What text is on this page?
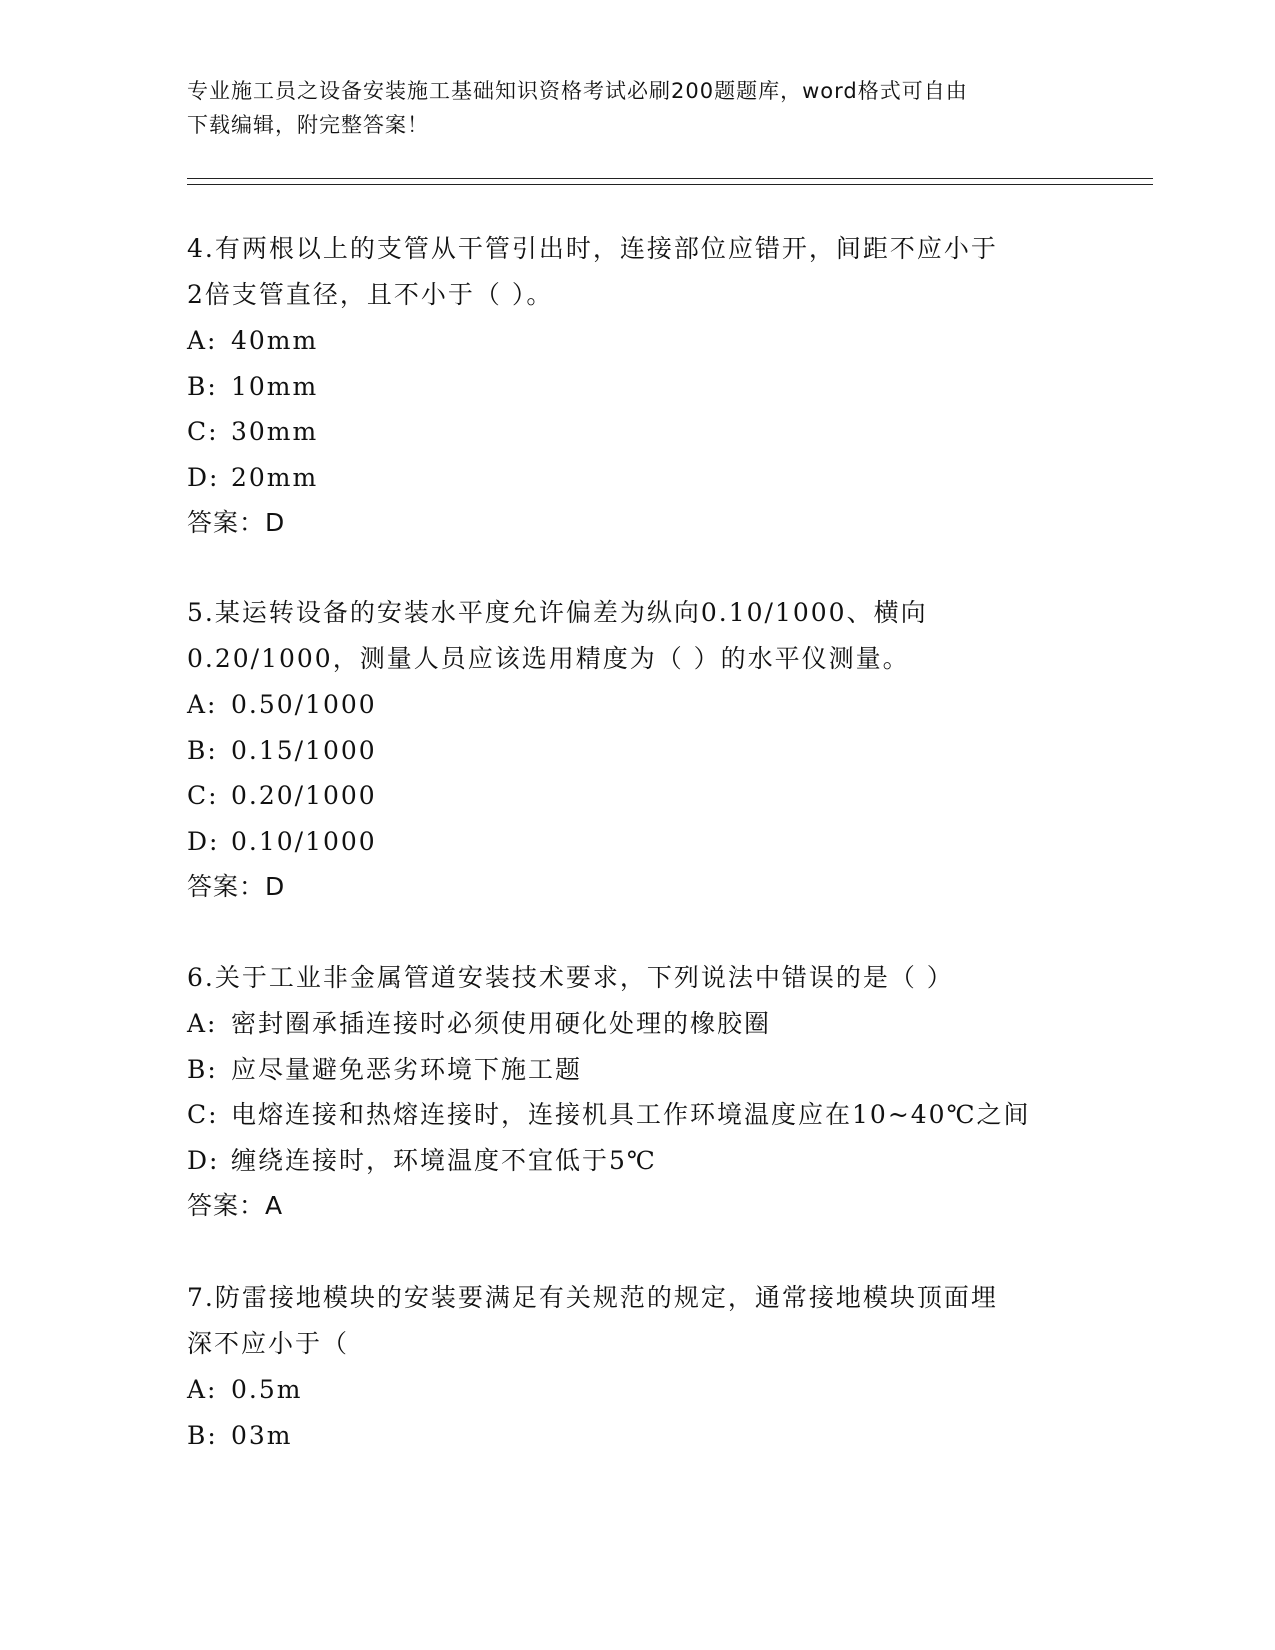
专业施工员之设备安装施工基础知识资格考试必刷200题题库，word格式可自由
下载编辑，附完整答案！
4.有两根以上的支管从干管引出时，连接部位应错开，间距不应小于
2倍支管直径，且不小于（ ）。
A: 40mm
B: 10mm
C: 30mm
D: 20mm
答案：D
5.某运转设备的安装水平度允许偏差为纵向0.10/1000、横向
0.20/1000，测量人员应该选用精度为（ ）的水平仪测量。
A: 0.50/1000
B: 0.15/1000
C: 0.20/1000
D: 0.10/1000
答案：D
6.关于工业非金属管道安装技术要求，下列说法中错误的是（ ）
A: 密封圈承插连接时必须使用硬化处理的橡胶圈
B: 应尽量避免恶劣环境下施工题
C: 电熔连接和热熔连接时，连接机具工作环境温度应在10~40℃之间
D: 缠绕连接时，环境温度不宜低于5℃
答案：A
7.防雷接地模块的安装要满足有关规范的规定，通常接地模块顶面埋
深不应小于（
A: 0.5m
B: 03m
